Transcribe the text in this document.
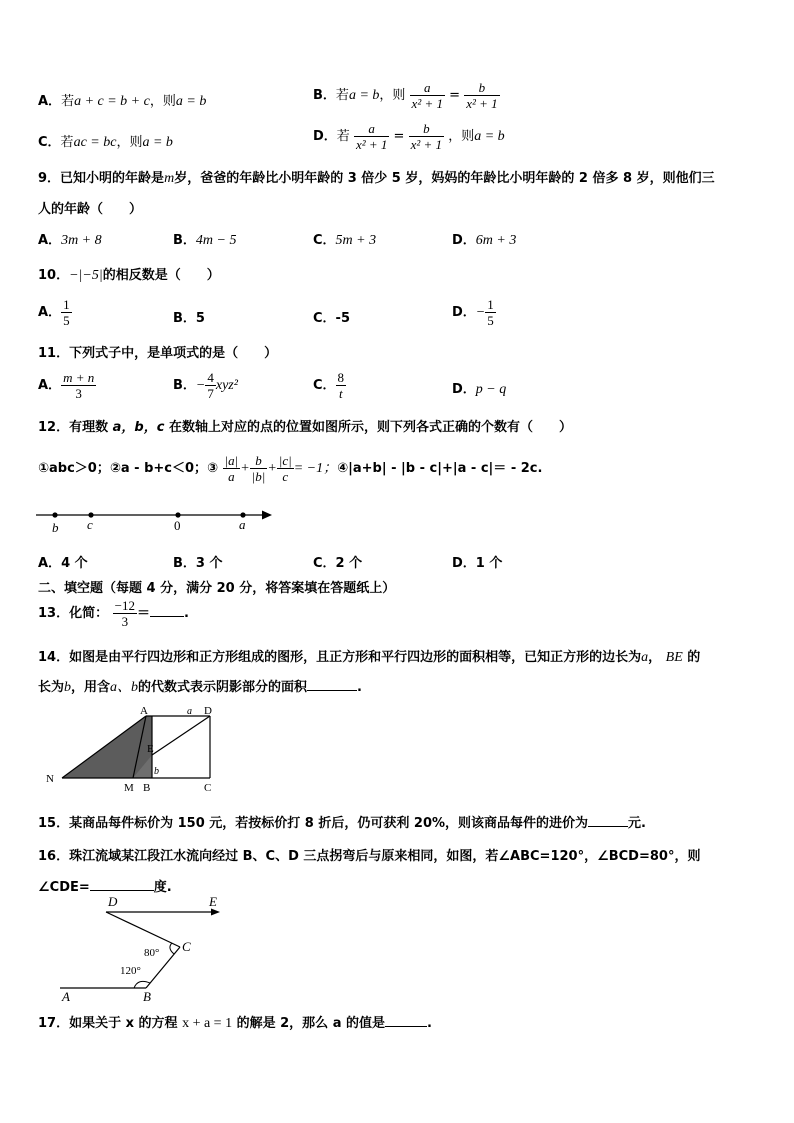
A．若a + c = b + c，则a = b	B．若a = b，则 $\frac{a}{\text{x² + 1}} = \frac{b}{\text{x² + 1}}$
C．若ac = bc，则a = b	D．若 $\frac{a}{\text{x² + 1}} = \frac{b}{\text{x² + 1}}$ ，则a = b
9．已知小明的年龄是m岁，爸爸的年龄比小明年龄的 3 倍少 5 岁，妈妈的年龄比小明年龄的 2 倍多 8 岁，则他们三
人的年龄（　　）
A．3m + 8	B．4m − 5	C．5m + 3	D．6m + 3
10．−|−5|的相反数是（　　）
A． $\frac{1}{5}$	B．5	C．-5	D．− $\frac{1}{5}$
11．下列式子中，是单项式的是（　　）
A． $\frac{m + n}{3}$	B．− $\frac{4}{7} xyz^2$	C． $\frac{8}{t}$	D．p − q
12．有理数 a，b，c 在数轴上对应的点的位置如图所示，则下列各式正确的个数有（　　）
①abc＞0；②a - b+c＜0；③ $\frac{|a|}{a} + \frac{b}{|b|} + \frac{|c|}{c} = -1$；④|a+b| - |b - c|+|a - c|＝ - 2c.
b c	0	a
A．4 个	B．3 个	C．2 个	D．1 个
二、填空题（每题 4 分，满分 20 分，将答案填在答题纸上）
13．化简： $\frac{-12}{3}$ ＝	.
14．如图是由平行四边形和正方形组成的图形，且正方形和平行四边形的面积相等，已知正方形的边长为a， BE 的
长为b，用含a、b的代数式表示阴影部分的面积	.
A	D
a
E
b
N
M B	C
15．某商品每件标价为 150 元，若按标价打 8 折后，仍可获利 20%，则该商品每件的进价为	元.
16．珠江流域某江段江水流向经过 B、C、D 三点拐弯后与原来相同，如图，若∠ABC=120°，∠BCD=80°，则
∠CDE=	度.
D	E
C
80°
120°
A	B
17．如果关于 x 的方程 x + a = 1 的解是 2，那么 a 的值是	.
